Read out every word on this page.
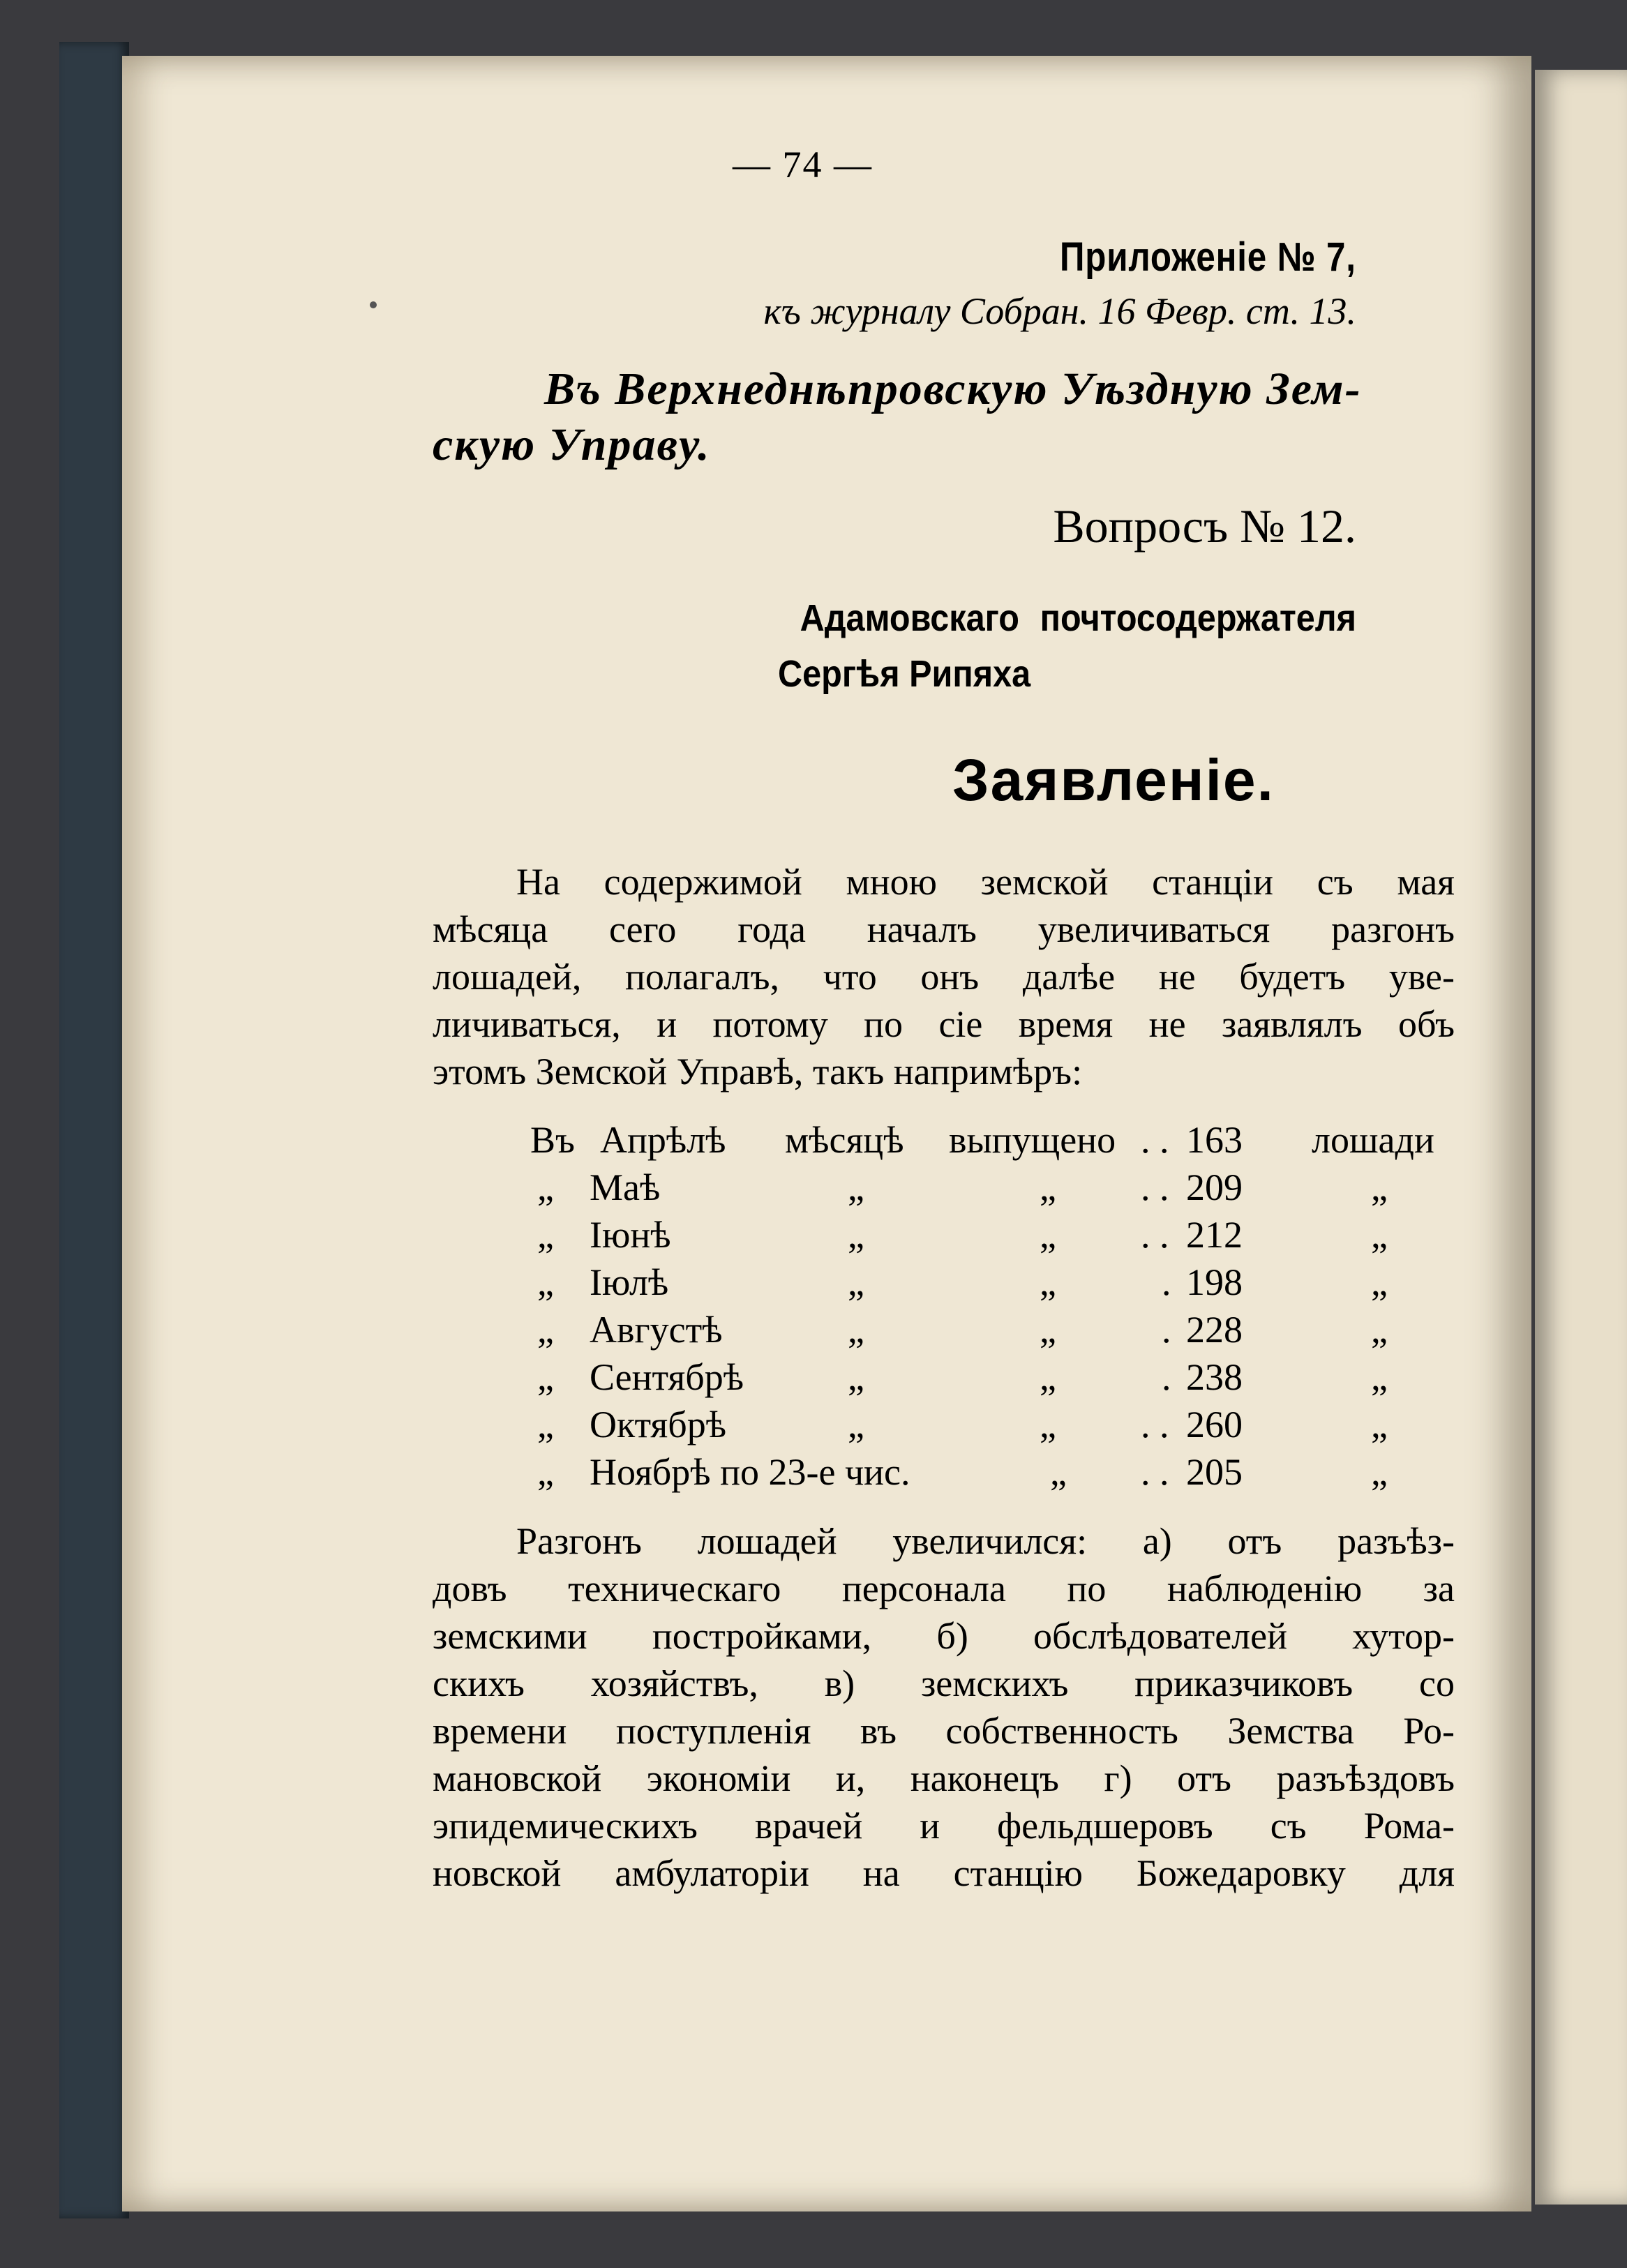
— 74 —
Приложеніе № 7,
къ журналу Собран. 16 Февр. ст. 13.
Въ Верхнеднѣпровскую Уѣздную Зем-
скую Управу.
Вопросъ № 12.
Адамовскаго почтосодержателя
Сергѣя Рипяха
Заявленіе.
На содержимой мною земской станціи съ мая
мѣсяца сего года началъ увеличиваться разгонъ
лошадей, полагалъ, что онъ далѣе не будетъ уве-
личиваться, и потому по сіе время не заявлялъ объ
этомъ Земской Управѣ, такъ напримѣръ:
Въ Апрѣлѣ мѣсяцѣ выпущено . . 163 лошади
„ Маѣ	„	„ . . 209	„
„ Іюнѣ	„	„ . . 212	„
„ Іюлѣ	„	„	. 198	„
„ Августѣ	„	„	. 228	„
„ Сентябрѣ	„	„	. 238	„
„ Октябрѣ	„	„ . . 260	„
„ Ноябрѣ по 23-е чис.	„ . . 205	„
Разгонъ лошадей увеличился: а) отъ разъѣз-
довъ техническаго персонала по наблюденію за
земскими постройками, б) обслѣдователей хутор-
скихъ хозяйствъ, в) земскихъ приказчиковъ со
времени поступленія въ собственность Земства Ро-
мановской экономіи и, наконецъ г) отъ разъѣздовъ
эпидемическихъ врачей и фельдшеровъ съ Рома-
новской амбулаторіи на станцію Божедаровку для
